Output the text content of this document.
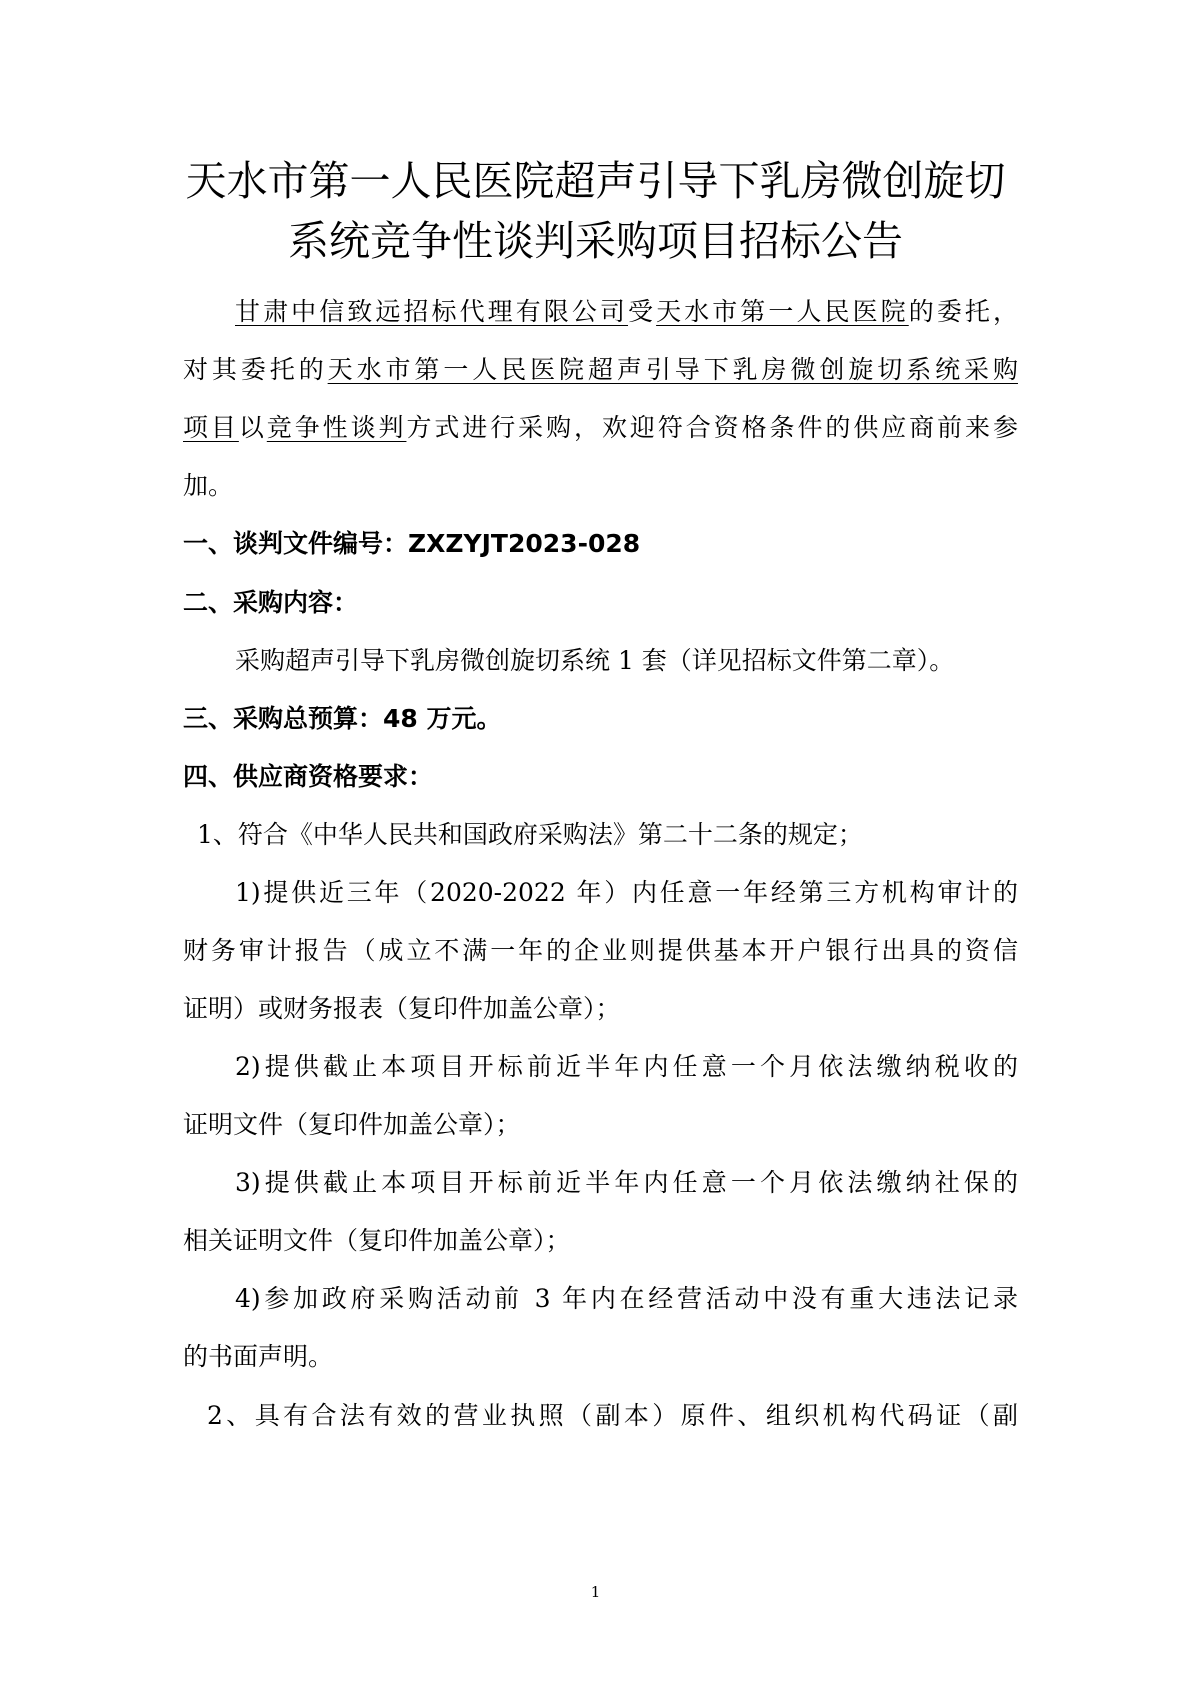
天水市第一人民医院超声引导下乳房微创旋切
系统竞争性谈判采购项目招标公告
甘肃中信致远招标代理有限公司受天水市第一人民医院的委托，
对其委托的天水市第一人民医院超声引导下乳房微创旋切系统采购
项目以竞争性谈判方式进行采购，欢迎符合资格条件的供应商前来参
加。
一、谈判文件编号：ZXZYJT2023-028
二、采购内容：
采购超声引导下乳房微创旋切系统 1 套（详见招标文件第二章）。
三、采购总预算：48 万元。
四、供应商资格要求：
1、符合《中华人民共和国政府采购法》第二十二条的规定；
1)提供近三年（2020-2022 年）内任意一年经第三方机构审计的
财务审计报告（成立不满一年的企业则提供基本开户银行出具的资信
证明）或财务报表（复印件加盖公章）；
2)提供截止本项目开标前近半年内任意一个月依法缴纳税收的
证明文件（复印件加盖公章）；
3)提供截止本项目开标前近半年内任意一个月依法缴纳社保的
相关证明文件（复印件加盖公章）；
4)参加政府采购活动前 3 年内在经营活动中没有重大违法记录
的书面声明。
2、具有合法有效的营业执照（副本）原件、组织机构代码证（副
1
